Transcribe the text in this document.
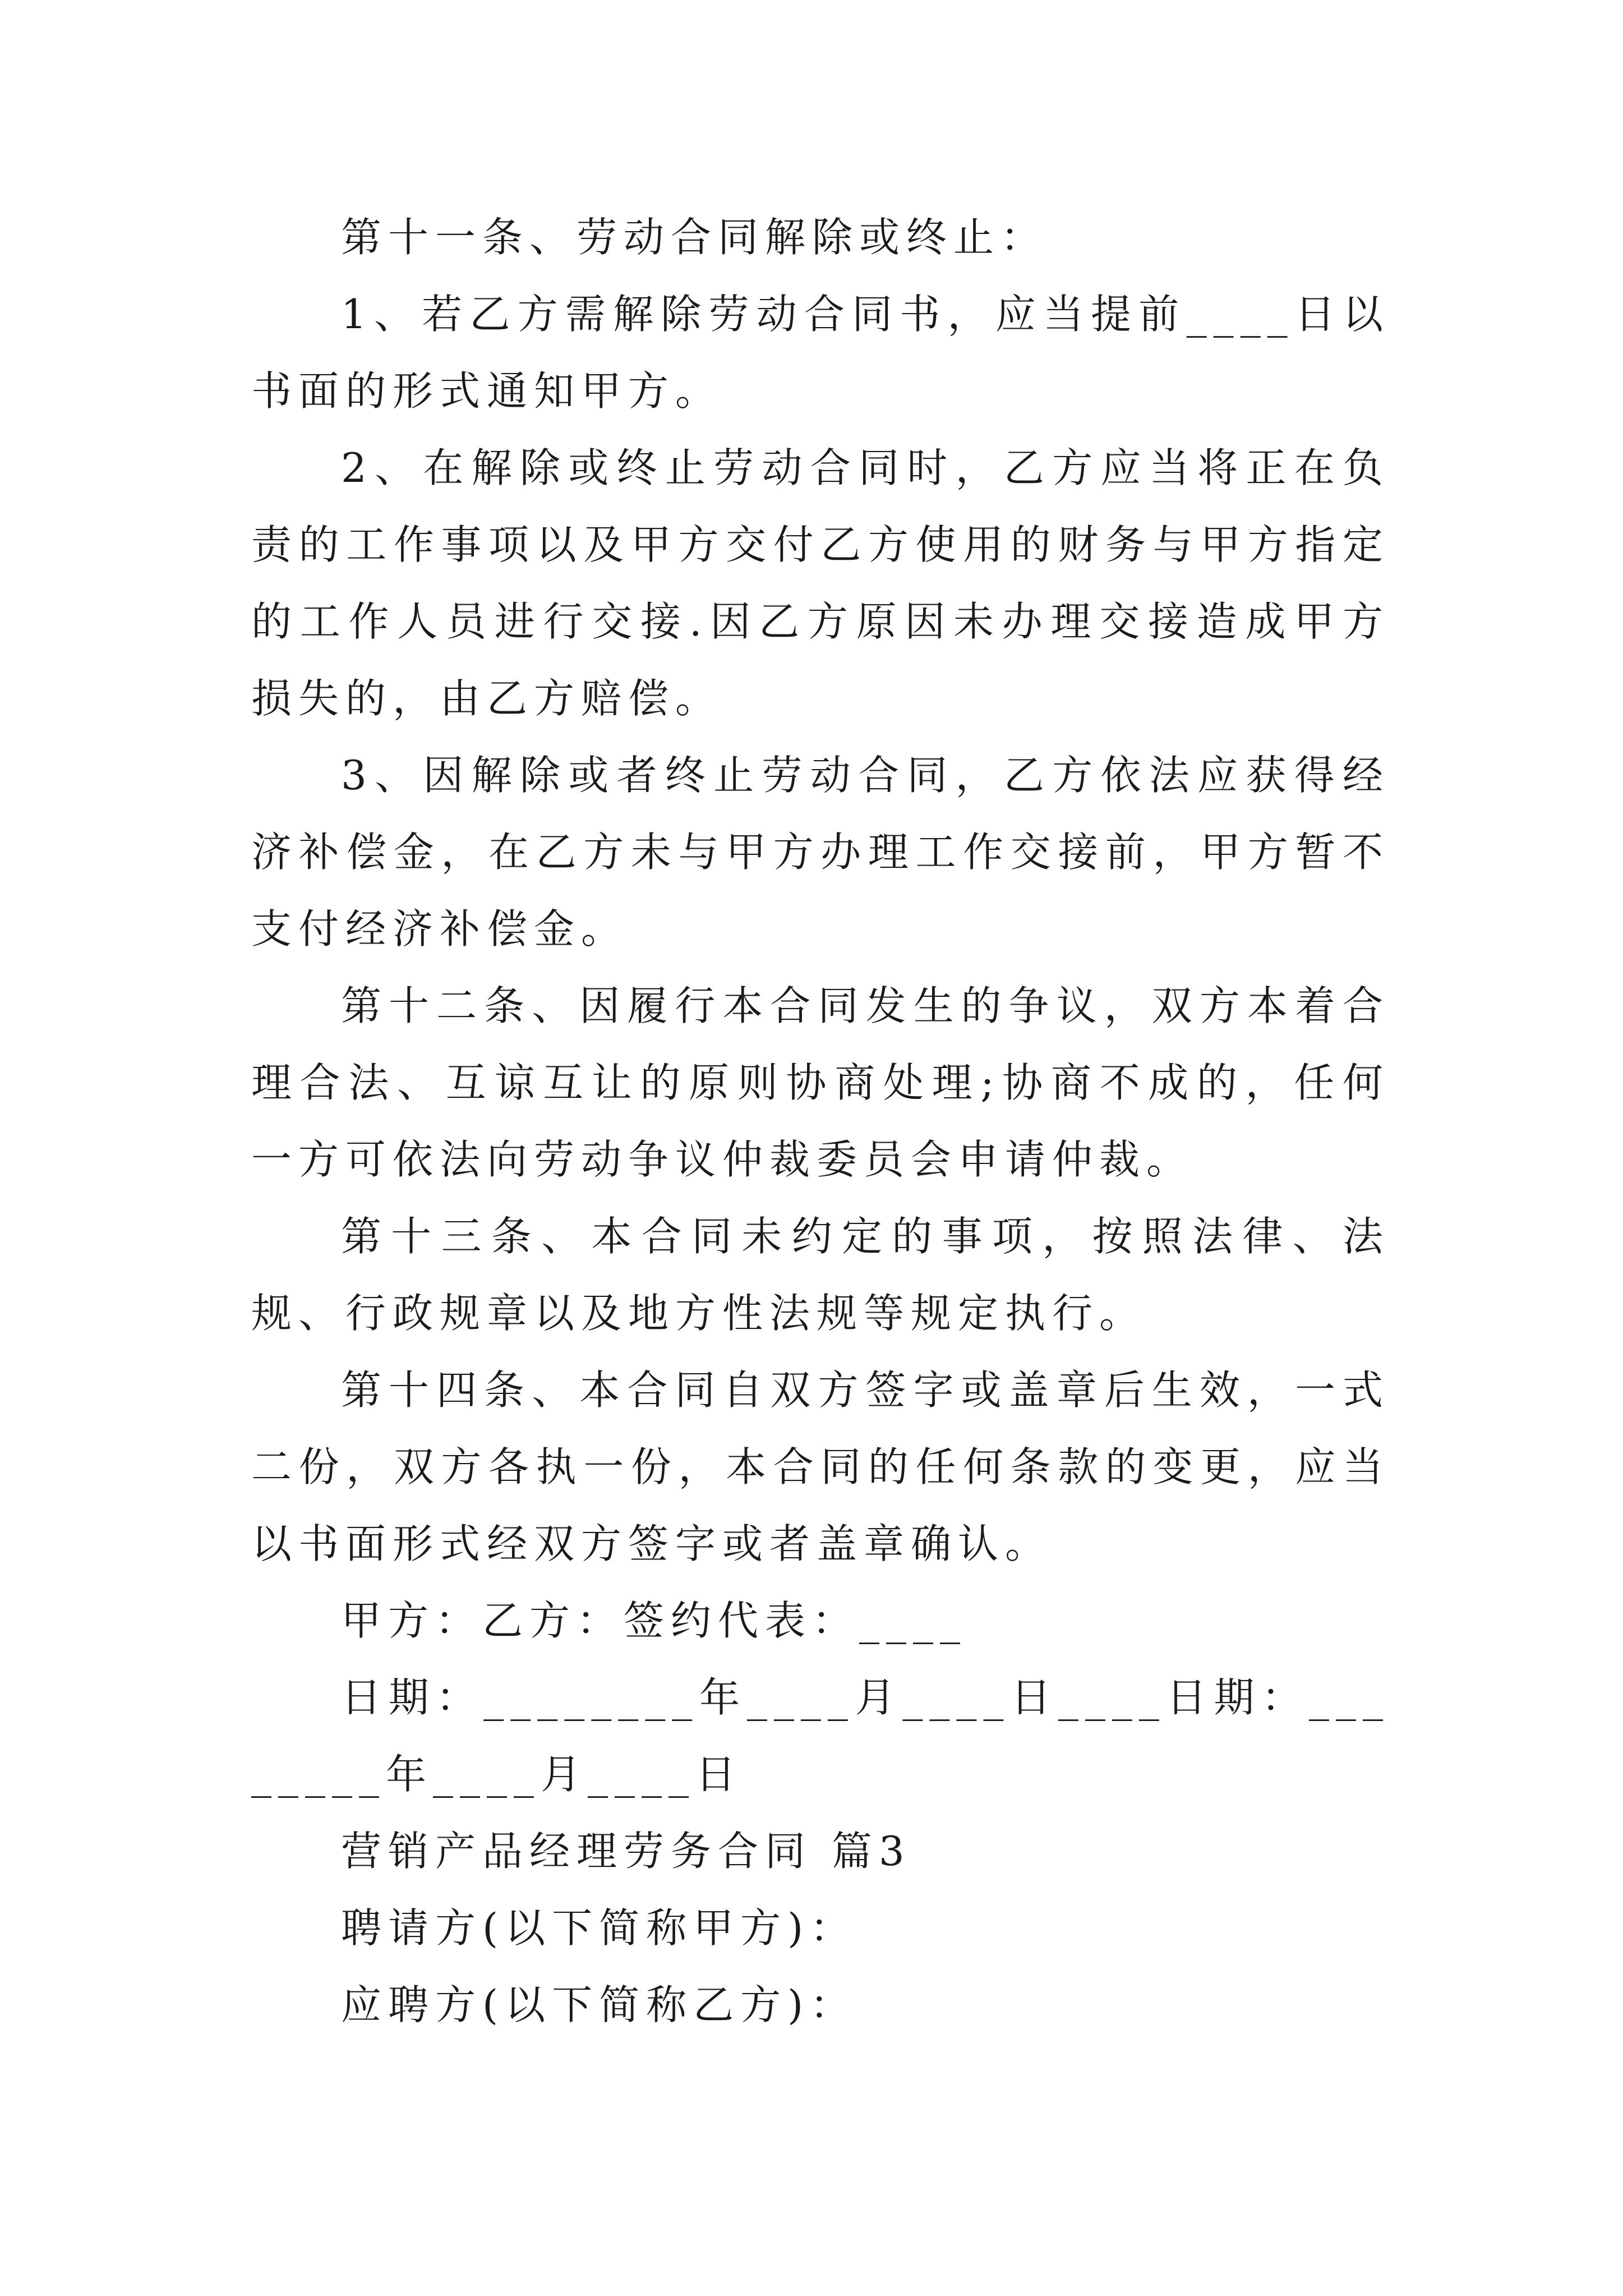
第十一条、劳动合同解除或终止：

1、若乙方需解除劳动合同书，应当提前____日以书面的形式通知甲方。

2、在解除或终止劳动合同时，乙方应当将正在负责的工作事项以及甲方交付乙方使用的财务与甲方指定的工作人员进行交接.因乙方原因未办理交接造成甲方损失的，由乙方赔偿。

3、因解除或者终止劳动合同，乙方依法应获得经济补偿金，在乙方未与甲方办理工作交接前，甲方暂不支付经济补偿金。

第十二条、因履行本合同发生的争议，双方本着合理合法、互谅互让的原则协商处理;协商不成的，任何一方可依法向劳动争议仲裁委员会申请仲裁。

第十三条、本合同未约定的事项，按照法律、法规、行政规章以及地方性法规等规定执行。

第十四条、本合同自双方签字或盖章后生效，一式二份，双方各执一份，本合同的任何条款的变更，应当以书面形式经双方签字或者盖章确认。

甲方：乙方：签约代表：____

日期：________年____月____日____日期：________年____月____日

营销产品经理劳务合同 篇3

聘请方(以下简称甲方)：

应聘方(以下简称乙方)：
